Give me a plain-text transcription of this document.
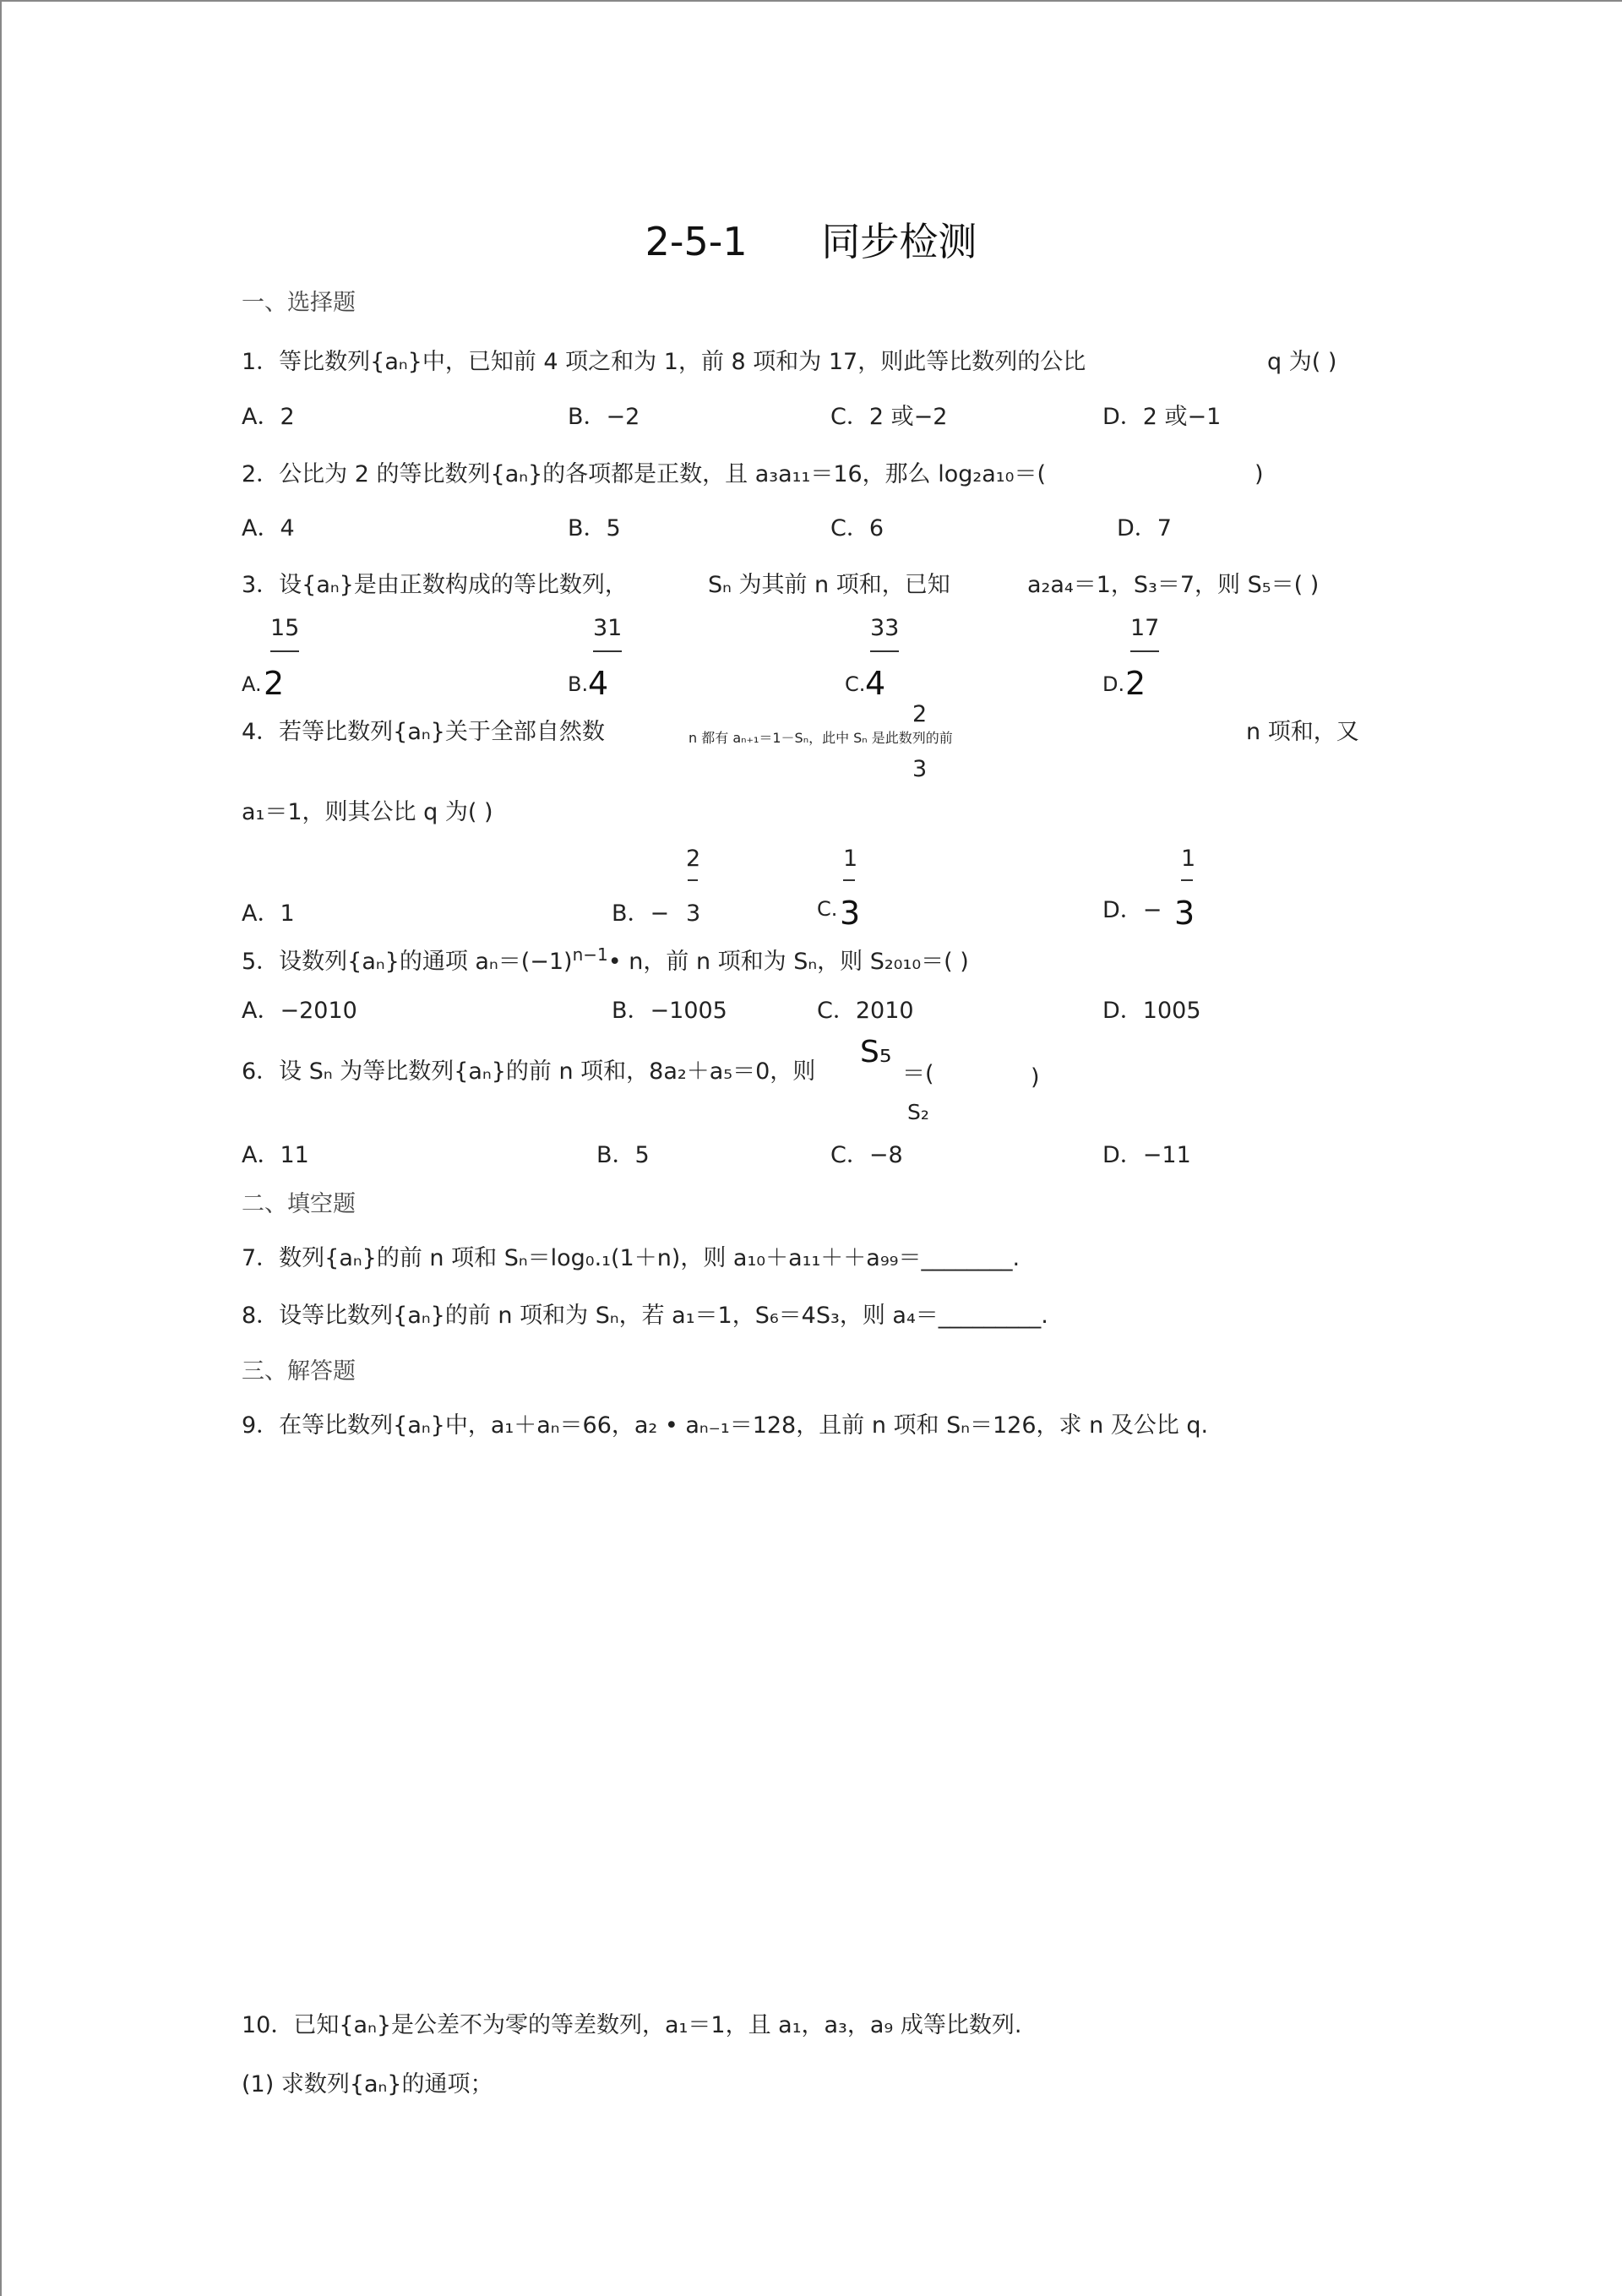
2-5-1      同步检测
一、选择题
1．等比数列{aₙ}中，已知前 4 项之和为 1，前 8 项和为 17，则此等比数列的公比	q 为( )
A．2	B．−2	C．2 或−2	D．2 或−1
2．公比为 2 的等比数列{aₙ}的各项都是正数，且 a₃a₁₁＝16，那么 log₂a₁₀＝(	)
A．4	B．5	C．6	D．7
3．设{aₙ}是由正数构成的等比数列，	Sₙ 为其前 n 项和，已知	a₂a₄＝1，S₃＝7，则 S₅＝( )
15
A. 2
31
B. 4
33
C. 4
17
D. 2
4．若等比数列{aₙ}关于全部自然数	n 都有 aₙ₊₁＝1－Sₙ，此中 Sₙ 是此数列的前
2
3
n 项和，又
a₁＝1，则其公比 q 为( )
A．1	B．−
2
3	C.
1
3	D．−
1
3
5．设数列{aₙ}的通项 $a_n=(-1)^{n-1}•$ n，前 n 项和为 Sₙ，则 S₂₀₁₀＝( )
A．−2010	B．−1005	C．2010	D．1005
6．设 Sₙ 为等比数列{aₙ}的前 n 项和，8a₂＋a₅＝0，则
S₅
＝(	)
S₂
A．11	B．5	C．−8	D．−11
二、填空题
7．数列{aₙ}的前 n 项和 Sₙ＝log₀.₁(1＋n)，则 a₁₀＋a₁₁＋＋a₉₉＝________.
8．设等比数列{aₙ}的前 n 项和为 Sₙ，若 a₁＝1，S₆＝4S₃，则 a₄＝_________.
三、解答题
9．在等比数列{aₙ}中，a₁＋aₙ＝66，a₂ • aₙ₋₁＝128，且前 n 项和 Sₙ＝126，求 n 及公比 q.
10．已知{aₙ}是公差不为零的等差数列，a₁＝1，且 a₁，a₃，a₉ 成等比数列.
(1) 求数列{aₙ}的通项；
